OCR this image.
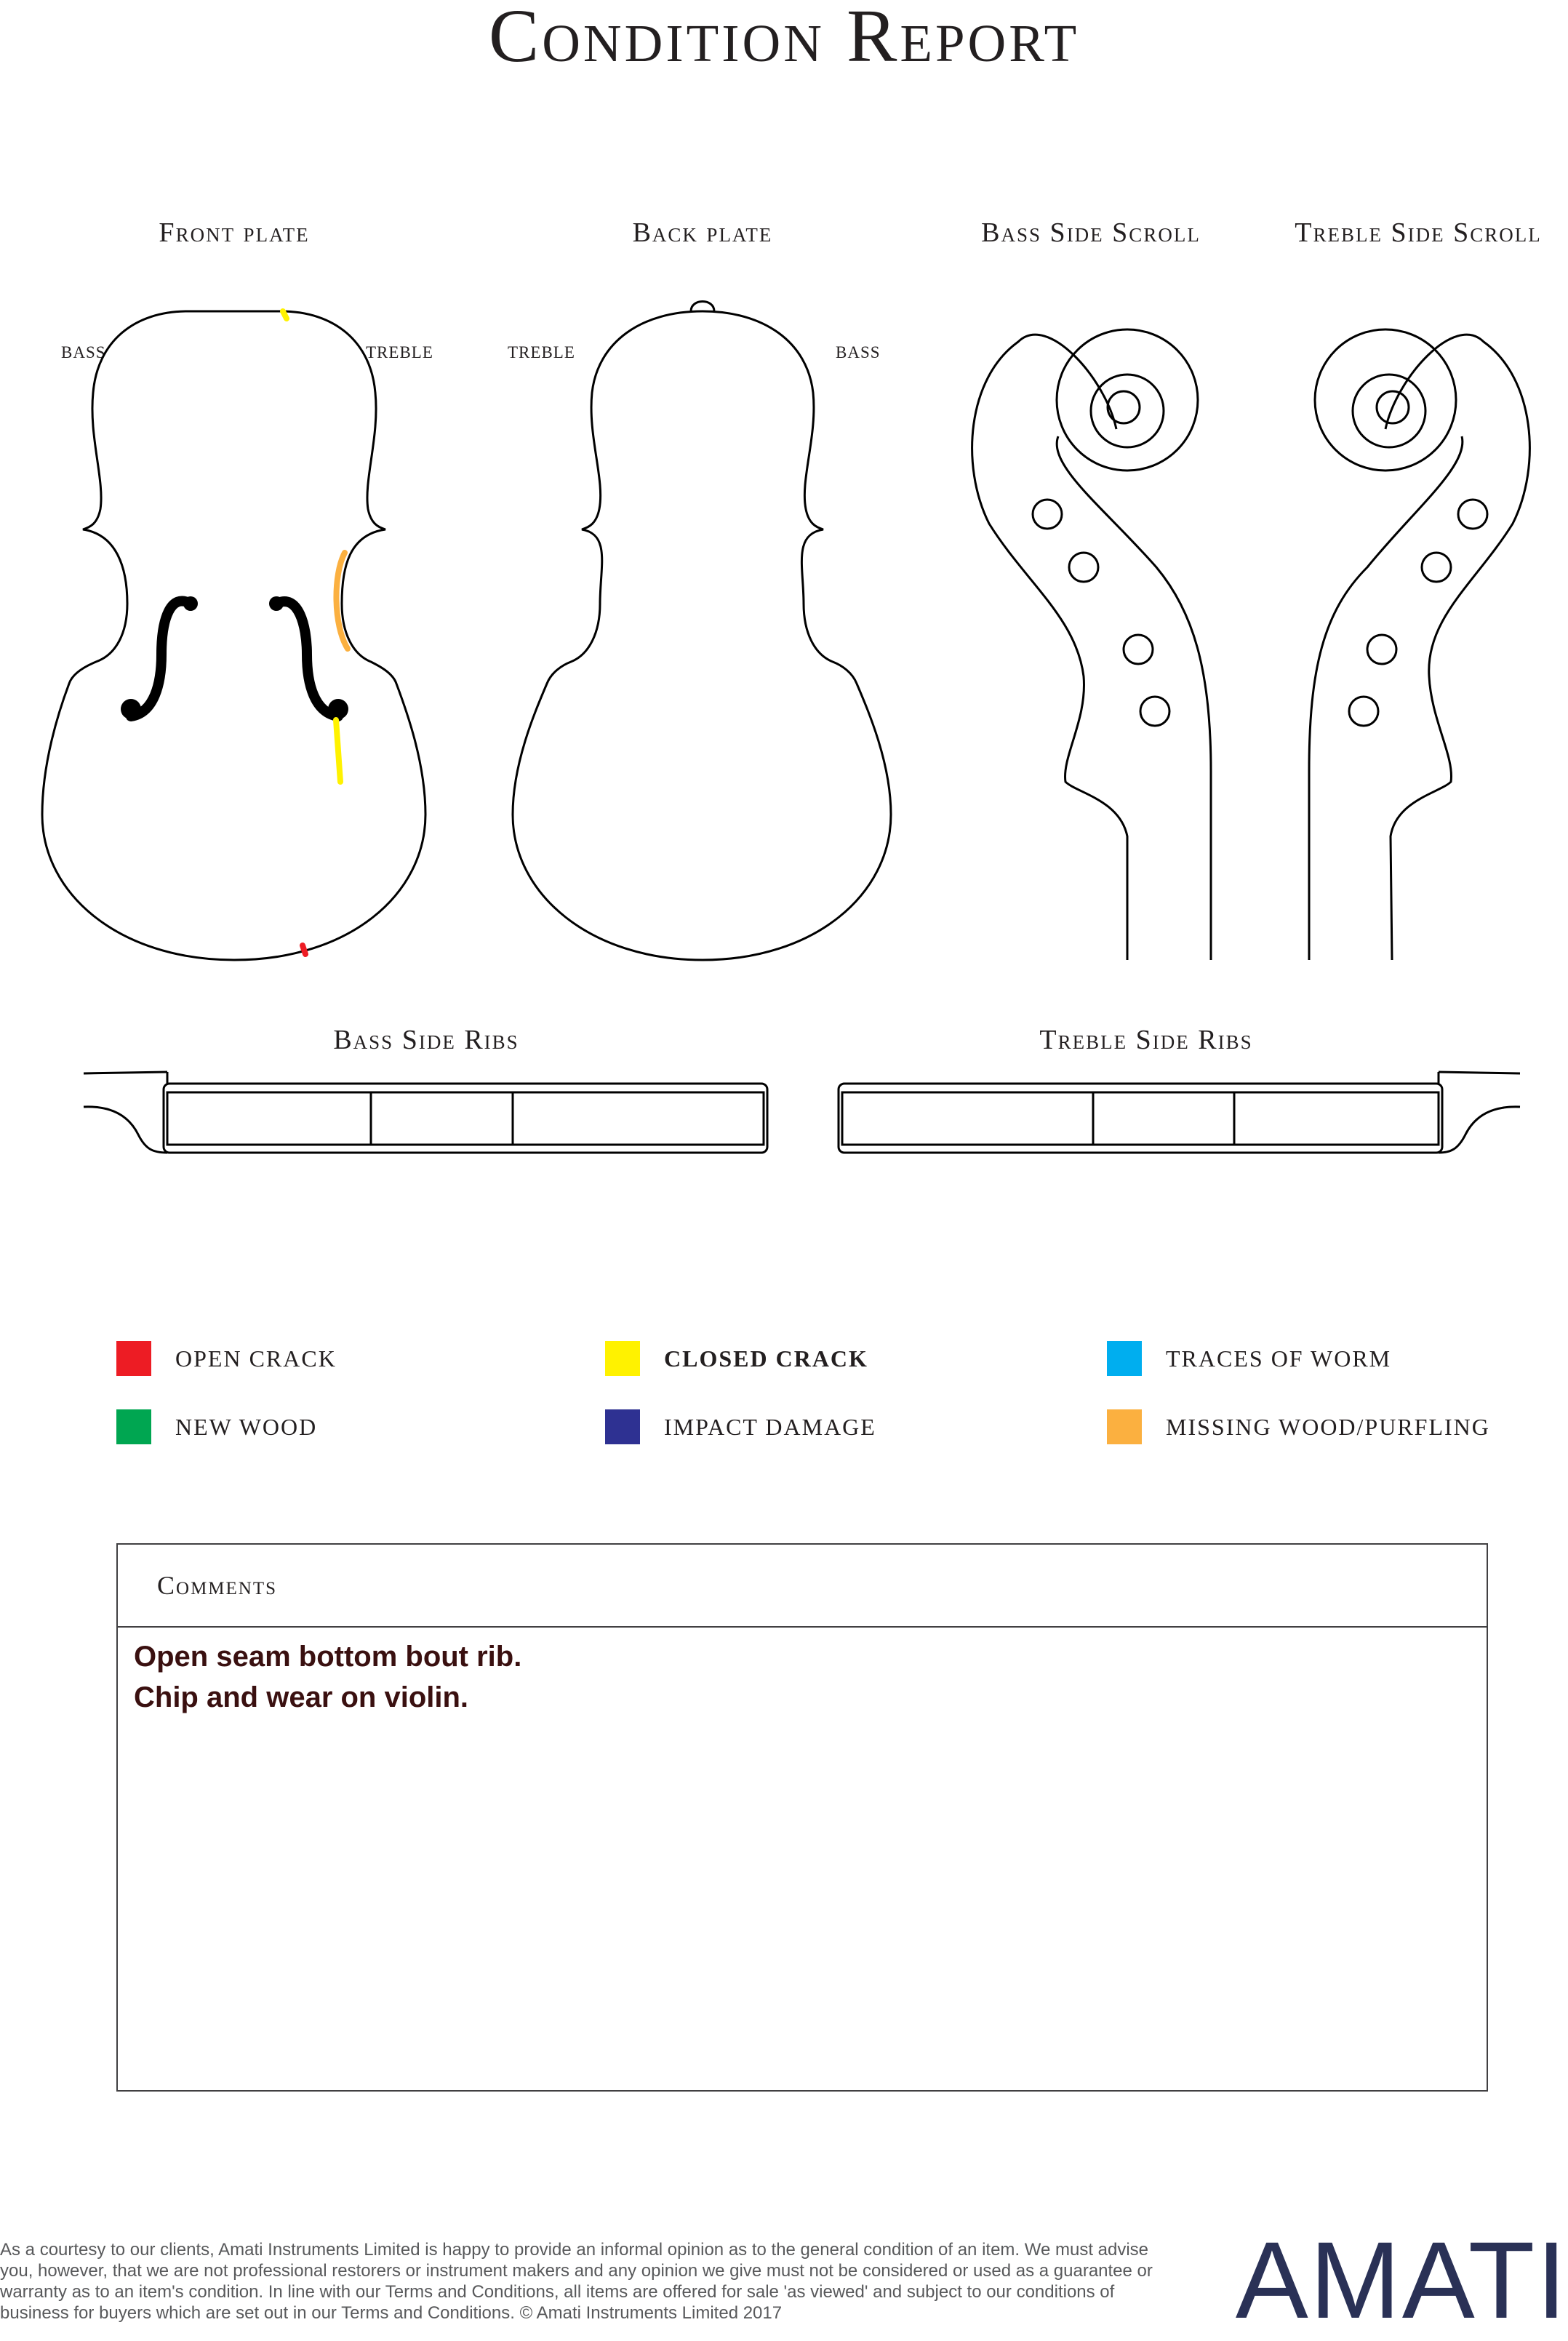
Condition Report
Front plate	Back plate	Bass Side Scroll	Treble Side Scroll
Bass Side Ribs	Treble Side Ribs
BASS	TREBLE	TREBLE	BASS
OPEN CRACK	CLOSED CRACK	TRACES OF WORM
NEW WOOD	IMPACT DAMAGE	MISSING WOOD/PURFLING
Comments
Open seam bottom bout rib.
Chip and wear on violin.
As a courtesy to our clients, Amati Instruments Limited is happy to provide an informal opinion as to the general condition of an item. We must advise you, however, that we are not professional restorers or instrument makers and any opinion we give must not be considered or used as a guarantee or warranty as to an item's condition. In line with our Terms and Conditions, all items are offered for sale 'as viewed' and subject to our conditions of business for buyers which are set out in our Terms and Conditions. © Amati Instruments Limited 2017	AMATI
